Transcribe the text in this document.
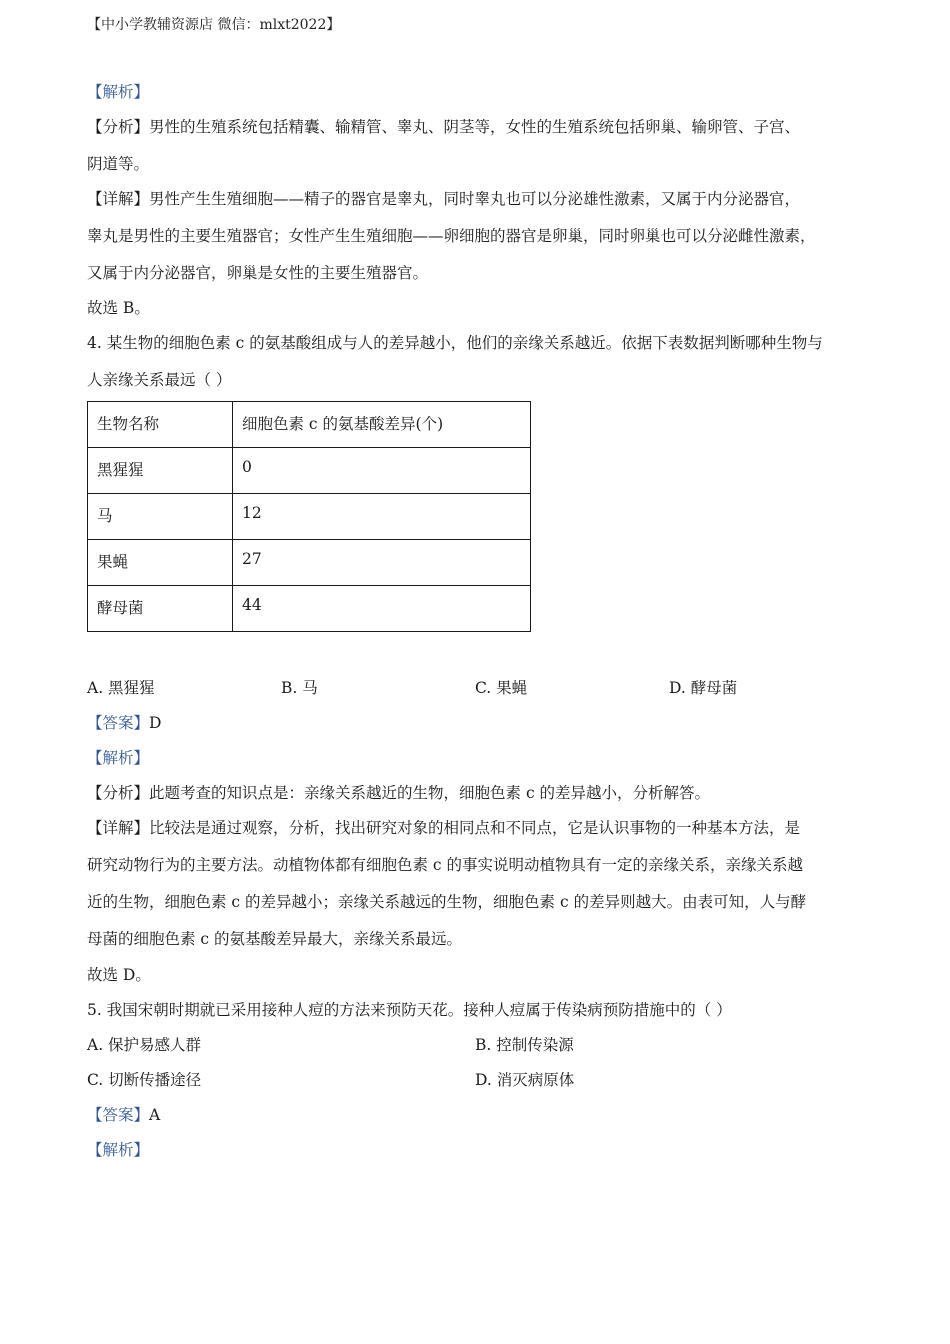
【中小学教辅资源店 微信：mlxt2022】
【解析】
【分析】男性的生殖系统包括精囊、输精管、睾丸、阴茎等，女性的生殖系统包括卵巢、输卵管、子宫、
阴道等。
【详解】男性产生生殖细胞——精子的器官是睾丸，同时睾丸也可以分泌雄性激素，又属于内分泌器官，
睾丸是男性的主要生殖器官；女性产生生殖细胞——卵细胞的器官是卵巢，同时卵巢也可以分泌雌性激素，
又属于内分泌器官，卵巢是女性的主要生殖器官。
故选 B。
4. 某生物的细胞色素 c 的氨基酸组成与人的差异越小，他们的亲缘关系越近。依据下表数据判断哪种生物与
人亲缘关系最远（ ）
生物名称	细胞色素 c 的氨基酸差异(个)
黑猩猩	0
马	12
果蝇	27
酵母菌	44
A. 黑猩猩	B. 马	C. 果蝇	D. 酵母菌
【答案】D
【解析】
【分析】此题考查的知识点是：亲缘关系越近的生物，细胞色素 c 的差异越小，分析解答。
【详解】比较法是通过观察，分析，找出研究对象的相同点和不同点，它是认识事物的一种基本方法，是
研究动物行为的主要方法。动植物体都有细胞色素 c 的事实说明动植物具有一定的亲缘关系，亲缘关系越
近的生物，细胞色素 c 的差异越小；亲缘关系越远的生物，细胞色素 c 的差异则越大。由表可知，人与酵
母菌的细胞色素 c 的氨基酸差异最大，亲缘关系最远。
故选 D。
5. 我国宋朝时期就已采用接种人痘的方法来预防天花。接种人痘属于传染病预防措施中的（ ）
A. 保护易感人群	B. 控制传染源
C. 切断传播途径	D. 消灭病原体
【答案】A
【解析】
